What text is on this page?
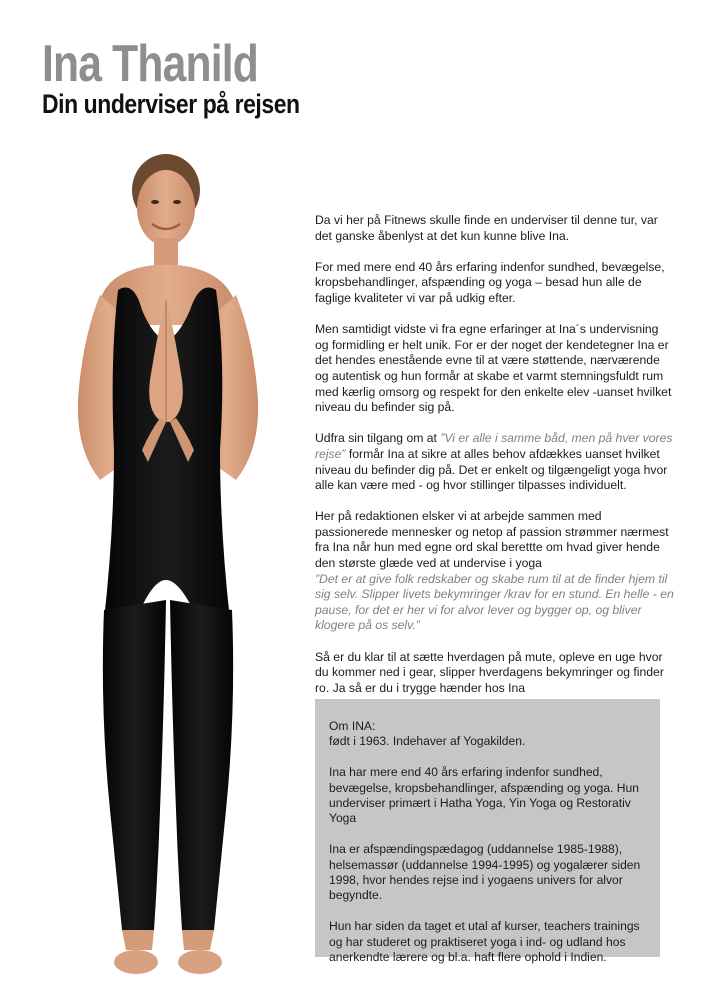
Ina Thanild
Din underviser på rejsen

Da vi her på Fitnews skulle finde en underviser til denne tur, var det ganske åbenlyst at det kun kunne blive Ina.

For med mere end 40 års erfaring indenfor sundhed, bevægelse, kropsbehandlinger, afspænding og yoga – besad hun alle de faglige kvaliteter vi var på udkig efter.

Men samtidigt vidste vi fra egne erfaringer at Ina´s undervisning og formidling er helt unik. For er der noget der kendetegner Ina er det hendes enestående evne til at være støttende, nærværende og autentisk og hun formår at skabe et varmt stemningsfuldt rum med kærlig omsorg og respekt for den enkelte elev -uanset hvilket niveau du befinder sig på.

Udfra sin tilgang om at ”Vi er alle i samme båd, men på hver vores rejse” formår Ina at sikre at alles behov afdækkes uanset hvilket niveau du befinder dig på. Det er enkelt og tilgængeligt yoga hvor alle kan være med - og hvor stillinger tilpasses individuelt.

Her på redaktionen elsker vi at arbejde sammen med passionerede mennesker og netop af passion strømmer nærmest fra Ina når hun med egne ord skal berettte om hvad giver hende den største glæde ved at undervise i yoga

”Det er at give folk redskaber og skabe rum til at de finder hjem til sig selv. Slipper livets bekymringer /krav for en stund. En helle - en pause, for det er her vi for alvor lever og bygger op, og bliver klogere på os selv.”

Så er du klar til at sætte hverdagen på mute, opleve en uge hvor du kommer ned i gear, slipper hverdagens bekymringer og finder ro. Ja så er du i trygge hænder hos Ina

Om INA:

født i 1963. Indehaver af Yogakilden.

Ina har mere end 40 års erfaring indenfor sundhed, bevægelse, kropsbehandlinger, afspænding og yoga. Hun underviser primært i Hatha Yoga, Yin Yoga og Restorativ Yoga

Ina er afspændingspædagog (uddannelse 1985-1988), helsemassør (uddannelse 1994-1995) og yogalærer siden 1998, hvor hendes rejse ind i yogaens univers for alvor begyndte.

Hun har siden da taget et utal af kurser, teachers trainings og har studeret og praktiseret yoga i ind- og udland hos anerkendte lærere og bl.a. haft flere ophold i Indien.
